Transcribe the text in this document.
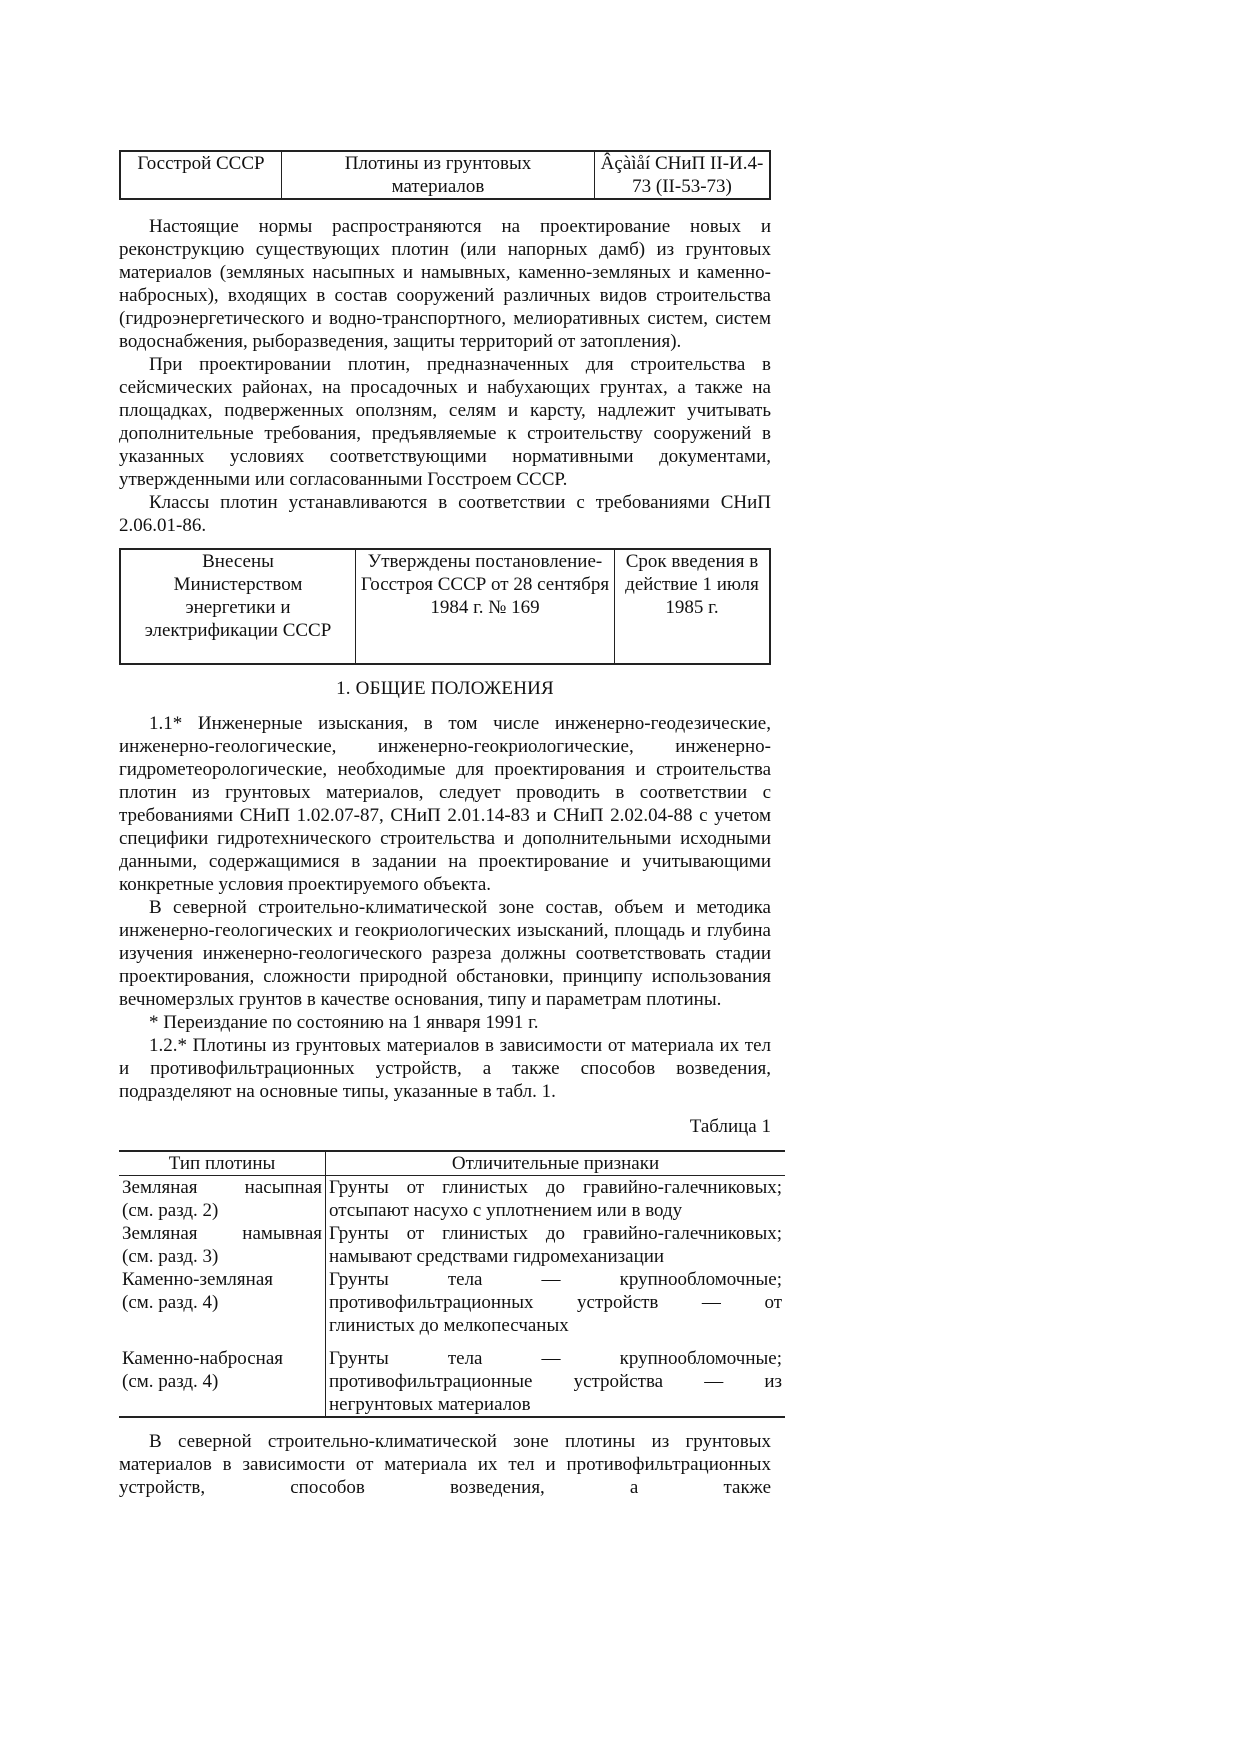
Госстрой СССР	Плотины из грунтовых материалов	Âçàìåí СНиП II-И.4-73 (II-53-73)

Настоящие нормы распространяются на проектирование новых и реконструкцию существующих плотин (или напорных дамб) из грунтовых материалов (земляных насыпных и намывных, каменно-земляных и каменно-набросных), входящих в состав сооружений различных видов строительства (гидроэнергетического и водно-транспортного, мелиоративных систем, систем водоснабжения, рыборазведения, защиты территорий от затопления).

При проектировании плотин, предназначенных для строительства в сейсмических районах, на просадочных и набухающих грунтах, а также на площадках, подверженных оползням, селям и карсту, надлежит учитывать дополнительные требования, предъявляемые к строительству сооружений в указанных условиях соответствующими нормативными документами, утвержденными или согласованными Госстроем СССР.

Классы плотин устанавливаются в соответствии с требованиями СНиП 2.06.01-86.

Внесены Министерством энергетики и электрификации СССР	Утверждены постановление-Госстроя СССР от 28 сентября 1984 г. № 169	Срок введения в действие 1 июля 1985 г.
1. ОБЩИЕ ПОЛОЖЕНИЯ

1.1* Инженерные изыскания, в том числе инженерно-геодезические, инженерно-геологические, инженерно-геокриологические, инженерно-гидрометеорологические, необходимые для проектирования и строительства плотин из грунтовых материалов, следует проводить в соответствии с требованиями СНиП 1.02.07-87, СНиП 2.01.14-83 и СНиП 2.02.04-88 с учетом специфики гидротехнического строительства и дополнительными исходными данными, содержащимися в задании на проектирование и учитывающими конкретные условия проектируемого объекта.

В северной строительно-климатической зоне состав, объем и методика инженерно-геологических и геокриологических изысканий, площадь и глубина изучения инженерно-геологического разреза должны соответствовать стадии проектирования, сложности природной обстановки, принципу использования вечномерзлых грунтов в качестве основания, типу и параметрам плотины.

* Переиздание по состоянию на 1 января 1991 г.

1.2.* Плотины из грунтовых материалов в зависимости от материала их тел и противофильтрационных устройств, а также способов возведения, подразделяют на основные типы, указанные в табл. 1.

Таблица 1
Тип плотины	Отличительные признаки

Земляная насыпная
(см. разд. 2)	Грунты от глинистых до гравийно-галечниковых;
отсыпают насухо с уплотнением или в воду

Земляная намывная
(см. разд. 3)	Грунты от глинистых до гравийно-галечниковых;
намывают средствами гидромеханизации

Каменно-земляная
(см. разд. 4)	Грунты тела — крупнообломочные;
противофильтрационных устройств — от
глинистых до мелкопесчаных

Каменно-набросная
(см. разд. 4)	Грунты тела — крупнообломочные;
противофильтрационные устройства — из
негрунтовых материалов

В северной строительно-климатической зоне плотины из грунтовых материалов в зависимости от материала их тел и противофильтрационных устройств, способов возведения, а также
